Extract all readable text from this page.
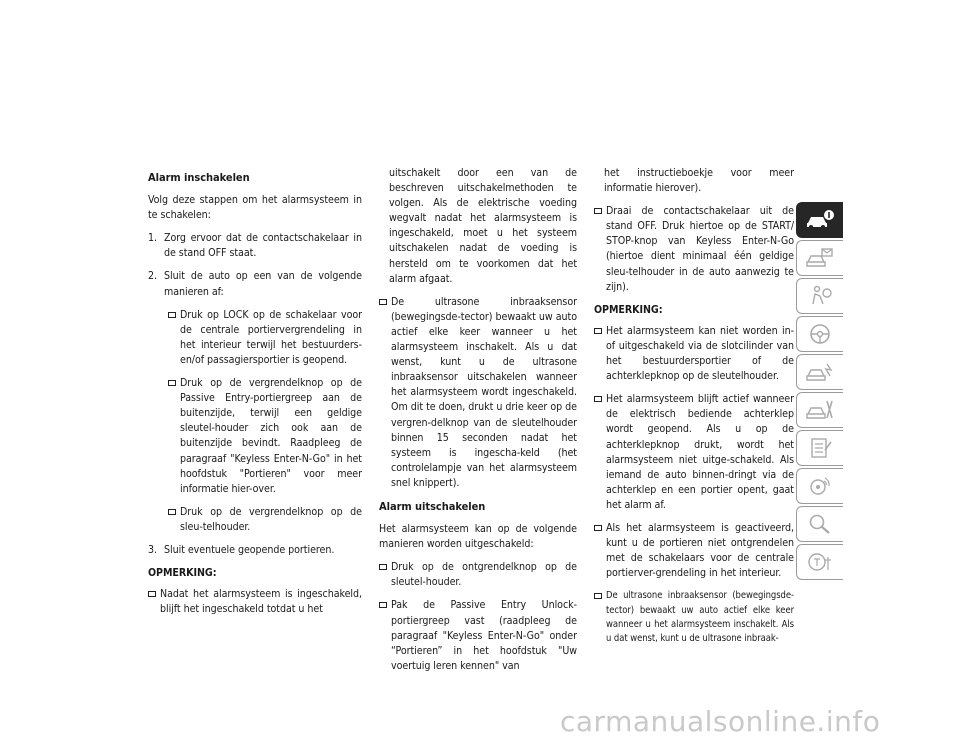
Alarm inschakelen

Volg deze stappen om het alarmsysteem in te schakelen:

1. Zorg ervoor dat de contactschakelaar in de stand OFF staat.
2. Sluit de auto op een van de volgende manieren af:
Druk op LOCK op de schakelaar voor de centrale portiervergrendeling in het interieur terwijl het bestuurders- en/of passagiersportier is geopend.
Druk op de vergrendelknop op de Passive Entry-portiergreep aan de buitenzijde, terwijl een geldige sleutel-houder zich ook aan de buitenzijde bevindt. Raadpleeg de paragraaf "Keyless Enter-N-Go" in het hoofdstuk "Portieren" voor meer informatie hier-over.
Druk op de vergrendelknop op de sleu-telhouder.
3. Sluit eventuele geopende portieren.
OPMERKING:
Nadat het alarmsysteem is ingeschakeld, blijft het ingeschakeld totdat u het

uitschakelt door een van de beschreven uitschakelmethoden te volgen. Als de elektrische voeding wegvalt nadat het alarmsysteem is ingeschakeld, moet u het systeem uitschakelen nadat de voeding is hersteld om te voorkomen dat het alarm afgaat.

De ultrasone inbraaksensor (bewegingsde-tector) bewaakt uw auto actief elke keer wanneer u het alarmsysteem inschakelt. Als u dat wenst, kunt u de ultrasone inbraaksensor uitschakelen wanneer het alarmsysteem wordt ingeschakeld. Om dit te doen, drukt u drie keer op de vergren-delknop van de sleutelhouder binnen 15 seconden nadat het systeem is ingescha-keld (het controlelampje van het alarmsysteem snel knippert).
Alarm uitschakelen

Het alarmsysteem kan op de volgende manieren worden uitgeschakeld:

Druk op de ontgrendelknop op de sleutel-houder.
Pak de Passive Entry Unlock-portiergreep vast (raadpleeg de paragraaf "Keyless Enter-N-Go" onder “Portieren” in het hoofdstuk "Uw voertuig leren kennen" van

het instructieboekje voor meer informatie hierover).

Draai de contactschakelaar uit de stand OFF. Druk hiertoe op de START/ STOP-knop van Keyless Enter-N-Go (hiertoe dient minimaal één geldige sleu-telhouder in de auto aanwezig te zijn).
OPMERKING:
Het alarmsysteem kan niet worden in- of uitgeschakeld via de slotcilinder van het bestuurdersportier of de achterklepknop op de sleutelhouder.
Het alarmsysteem blijft actief wanneer de elektrisch bediende achterklep wordt geopend. Als u op de achterklepknop drukt, wordt het alarmsysteem niet uitge-schakeld. Als iemand de auto binnen-dringt via de achterklep en een portier opent, gaat het alarm af.
Als het alarmsysteem is geactiveerd, kunt u de portieren niet ontgrendelen met de schakelaars voor de centrale portierver-grendeling in het interieur.
De ultrasone inbraaksensor (bewegingsde-tector) bewaakt uw auto actief elke keer wanneer u het alarmsysteem inschakelt. Als u dat wenst, kunt u de ultrasone inbraak-
carmanualsonline.info
